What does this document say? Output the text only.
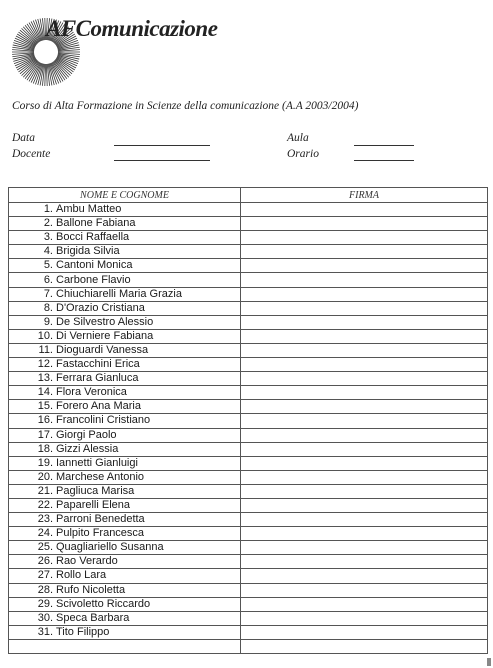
AFComunicazione
Corso di Alta Formazione in Scienze della comunicazione (A.A 2003/2004)
Data
Docente
Aula
Orario
NOME E COGNOME	FIRMA
1. Ambu Matteo	
2. Ballone Fabiana	
3. Bocci Raffaella	
4. Brigida Silvia	
5. Cantoni Monica	
6. Carbone Flavio	
7. Chiuchiarelli Maria Grazia	
8. D'Orazio Cristiana	
9. De Silvestro Alessio	
10. Di Verniere Fabiana	
11. Dioguardi Vanessa	
12. Fastacchini Erica	
13. Ferrara Gianluca	
14. Flora Veronica	
15. Forero Ana Maria	
16. Francolini Cristiano	
17. Giorgi Paolo	
18. Gizzi Alessia	
19. Iannetti Gianluigi	
20. Marchese Antonio	
21. Pagliuca Marisa	
22. Paparelli Elena	
23. Parroni Benedetta	
24. Pulpito Francesca	
25. Quagliariello Susanna	
26. Rao Verardo	
27. Rollo Lara	
28. Rufo Nicoletta	
29. Scivoletto Riccardo	
30. Speca Barbara	
31. Tito Filippo	
